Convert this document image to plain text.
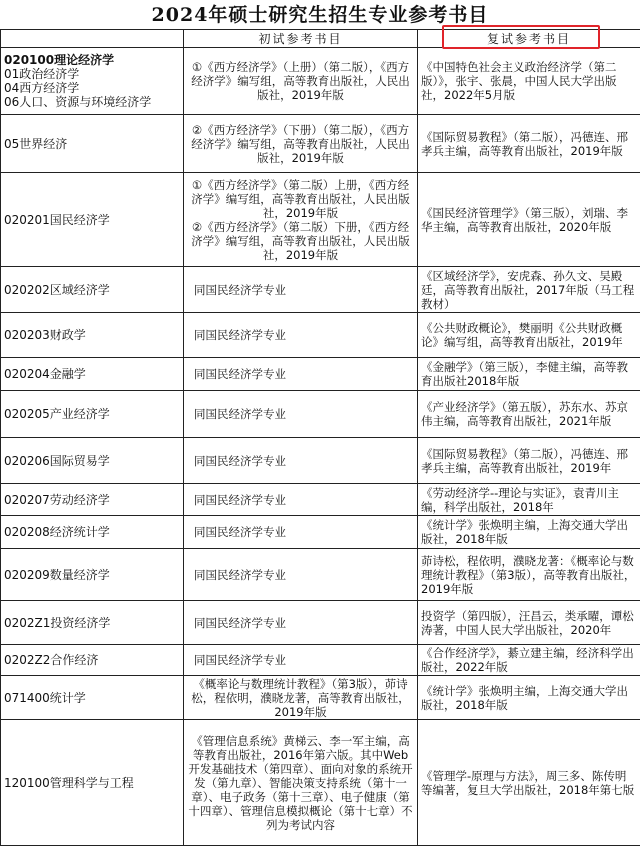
2024年硕士研究生招生专业参考书目
	初试参考书目	复试参考书目

020100理论经济学
01政治经济学
04西方经济学
06人口、资源与环境经济学	①《西方经济学》（上册）（第二版），《西方经济学》编写组，高等教育出版社，人民出版社，2019年版	《中国特色社会主义政治经济学（第二版）》，张宇、张晨，中国人民大学出版社，2022年5月版

05世界经济	②《西方经济学》（下册）（第二版），《西方经济学》编写组，高等教育出版社，人民出版社，2019年版	《国际贸易教程》（第二版），冯德连、邢孝兵主编，高等教育出版社，2019年版

020201国民经济学	①《西方经济学》（第二版）上册，《西方经济学》编写组，高等教育出版社，人民出版社，2019年版
②《西方经济学》（第二版）下册，《西方经济学》编写组，高等教育出版社，人民出版社，2019年版	《国民经济管理学》（第三版），刘瑞、李华主编，高等教育出版社，2020年版

020202区域经济学	同国民经济学专业	《区域经济学》，安虎森、孙久文、吴殿廷，高等教育出版社，2017年版（马工程教材）

020203财政学	同国民经济学专业	《公共财政概论》，樊丽明《公共财政概论》编写组，高等教育出版社，2019年

020204金融学	同国民经济学专业	《金融学》（第三版），李健主编，高等教育出版社2018年版

020205产业经济学	同国民经济学专业	《产业经济学》（第五版），苏东水、苏京伟主编，高等教育出版社，2021年版

020206国际贸易学	同国民经济学专业	《国际贸易教程》（第二版），冯德连、邢孝兵主编，高等教育出版社，2019年

020207劳动经济学	同国民经济学专业	《劳动经济学--理论与实证》，袁青川主编，科学出版社，2018年

020208经济统计学	同国民经济学专业	《统计学》张焕明主编，上海交通大学出版社，2018年版

020209数量经济学	同国民经济学专业	茆诗松，程依明，濮晓龙著：《概率论与数理统计教程》（第3版），高等教育出版社，2019年版

0202Z1投资经济学	同国民经济学专业	投资学（第四版），汪昌云，类承曜，谭松涛著，中国人民大学出版社，2020年

0202Z2合作经济	同国民经济学专业	《合作经济学》，綦立建主编，经济科学出版社，2022年版

071400统计学	《概率论与数理统计教程》（第3版），茆诗松，程依明，濮晓龙著，高等教育出版社，2019年版	《统计学》张焕明主编，上海交通大学出版社，2018年版

120100管理科学与工程	《管理信息系统》黄梯云、李一军主编，高等教育出版社，2016年第六版。其中Web开发基础技术（第四章）、面向对象的系统开发（第九章）、智能决策支持系统（第十一章）、电子政务（第十三章）、电子健康（第十四章）、管理信息模拟概论（第十七章）不列为考试内容	《管理学-原理与方法》，周三多、陈传明等编著，复旦大学出版社，2018年第七版
